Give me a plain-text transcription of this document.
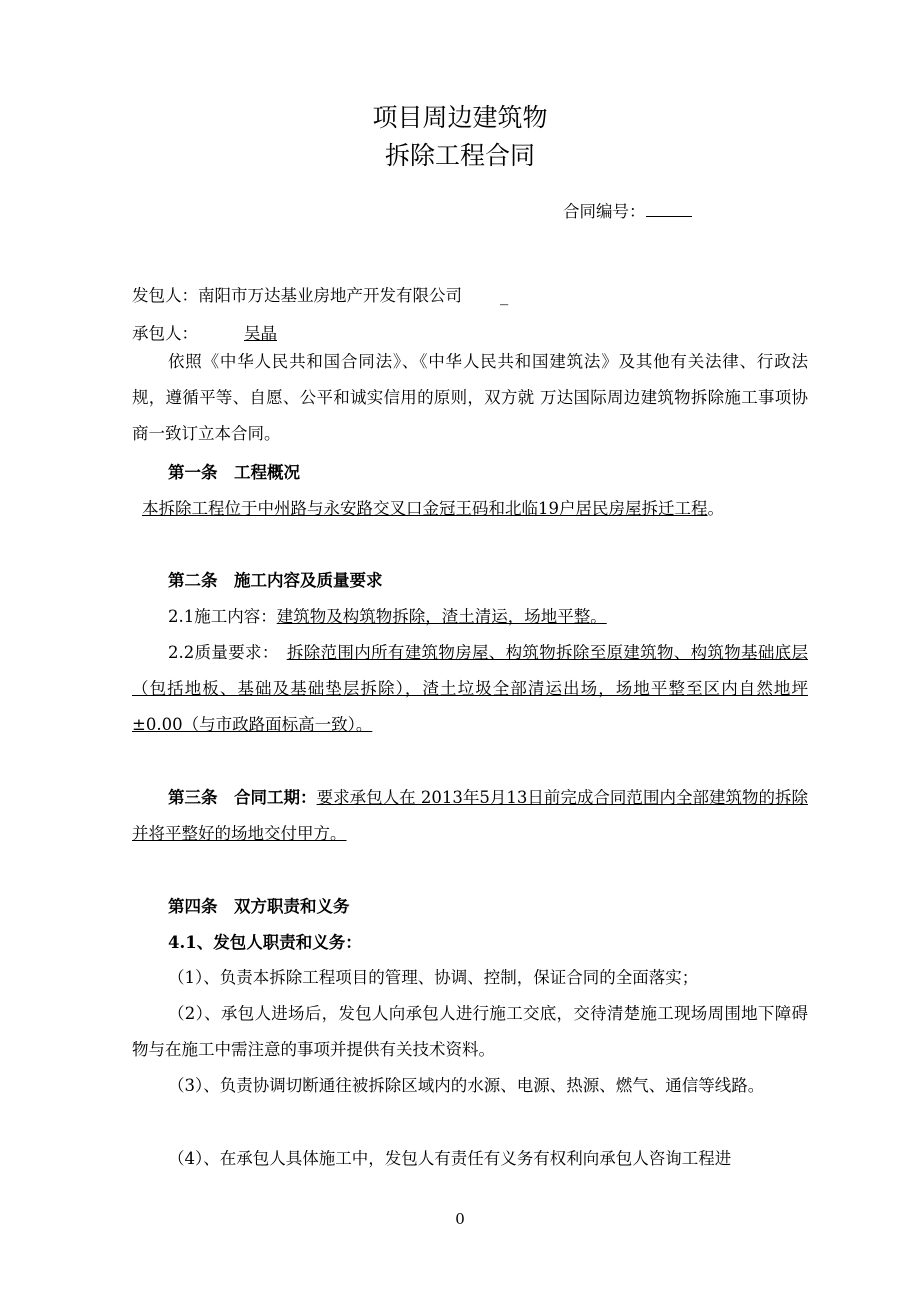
项目周边建筑物
拆除工程合同
合同编号：
发包人：南阳市万达基业房地产开发有限公司 _
承包人：	吴晶
依照《中华人民共和国合同法》、《中华人民共和国建筑法》及其他有关法律、行政法规，遵循平等、自愿、公平和诚实信用的原则，双方就 万达国际周边建筑物拆除施工事项协商一致订立本合同。
第一条　工程概况
本拆除工程位于中州路与永安路交叉口金冠王码和北临19户居民房屋拆迁工程。
第二条　施工内容及质量要求
2.1施工内容：建筑物及构筑物拆除，渣土清运，场地平整。
2.2质量要求： 拆除范围内所有建筑物房屋、构筑物拆除至原建筑物、构筑物基础底层（包括地板、基础及基础垫层拆除），渣土垃圾全部清运出场，场地平整至区内自然地坪±0.00（与市政路面标高一致）。
第三条　合同工期：要求承包人在 2013年5月13日前完成合同范围内全部建筑物的拆除并将平整好的场地交付甲方。
第四条　双方职责和义务
4.1、发包人职责和义务：
（1）、负责本拆除工程项目的管理、协调、控制，保证合同的全面落实；
（2）、承包人进场后，发包人向承包人进行施工交底，交待清楚施工现场周围地下障碍物与在施工中需注意的事项并提供有关技术资料。
（3）、负责协调切断通往被拆除区域内的水源、电源、热源、燃气、通信等线路。
（4）、在承包人具体施工中，发包人有责任有义务有权利向承包人咨询工程进
0
